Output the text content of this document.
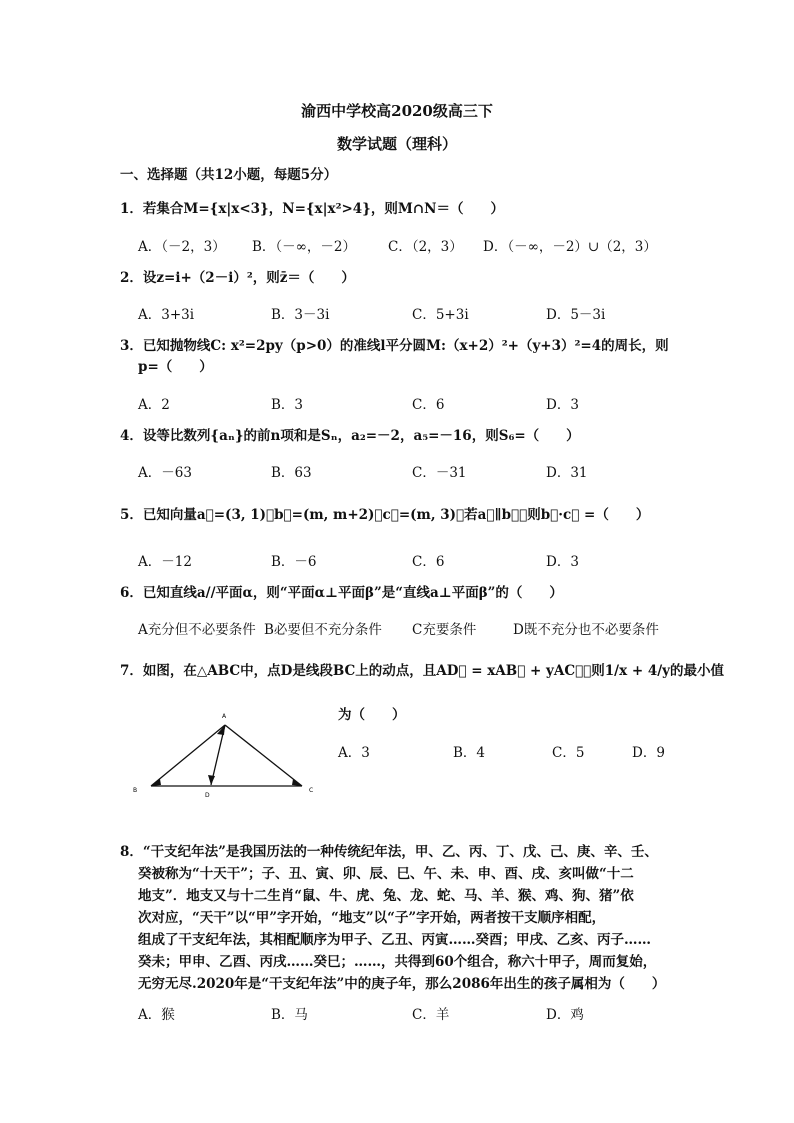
渝西中学校高2020级高三下
数学试题（理科）
一、选择题（共12小题，每题5分）
1．若集合M={x|x<3}，N={x|x²>4}，则M∩N＝（　　）
A．（－2，3） B．（－∞，－2） C．（2，3） D．（－∞，－2）∪（2，3）
2．设z=i+（2－i）²，则z̄＝（　　）
A．3+3i	B．3－3i	C．5+3i	D．5－3i
3．已知抛物线C: x²=2py（p>0）的准线l平分圆M:（x+2）²+（y+3）²=4的周长，则
p=（　　）
A．2	B．3	C．6	D．3
4．设等比数列{aₙ}的前n项和是Sₙ，a₂=－2，a₅=－16，则S₆=（　　）
A．－63	B．63	C．－31	D．31
5．已知向量a⃗=(3, 1)，b⃗=(m, m+2)，c⃗=(m, 3)，若a⃗∥b⃗，则b⃗·c⃗ =（　　）
A．－12	B．－6	C．6	D．3
6．已知直线a//平面α，则“平面α⊥平面β”是“直线a⊥平面β”的（　　）
A充分但不必要条件 B必要但不充分条件 C充要条件	D既不充分也不必要条件
7．如图，在△ABC中，点D是线段BC上的动点，且AD⃗ = xAB⃗ + yAC⃗，则1/x + 4/y的最小值
为（　　）
A
B
D
C
A．3	B．4	C．5	D．9
8．“干支纪年法”是我国历法的一种传统纪年法，甲、乙、丙、丁、戊、己、庚、辛、壬、
癸被称为“十天干”；子、丑、寅、卯、辰、巳、午、未、申、酉、戌、亥叫做“十二
地支”．地支又与十二生肖“鼠、牛、虎、兔、龙、蛇、马、羊、猴、鸡、狗、猪”依
次对应，“天干”以“甲”字开始，“地支”以“子”字开始，两者按干支顺序相配，
组成了干支纪年法，其相配顺序为甲子、乙丑、丙寅……癸酉；甲戌、乙亥、丙子……
癸未；甲申、乙酉、丙戌……癸巳；……，共得到60个组合，称六十甲子，周而复始，
无穷无尽.2020年是“干支纪年法”中的庚子年，那么2086年出生的孩子属相为（　　）
A．猴	B．马	C．羊	D．鸡
